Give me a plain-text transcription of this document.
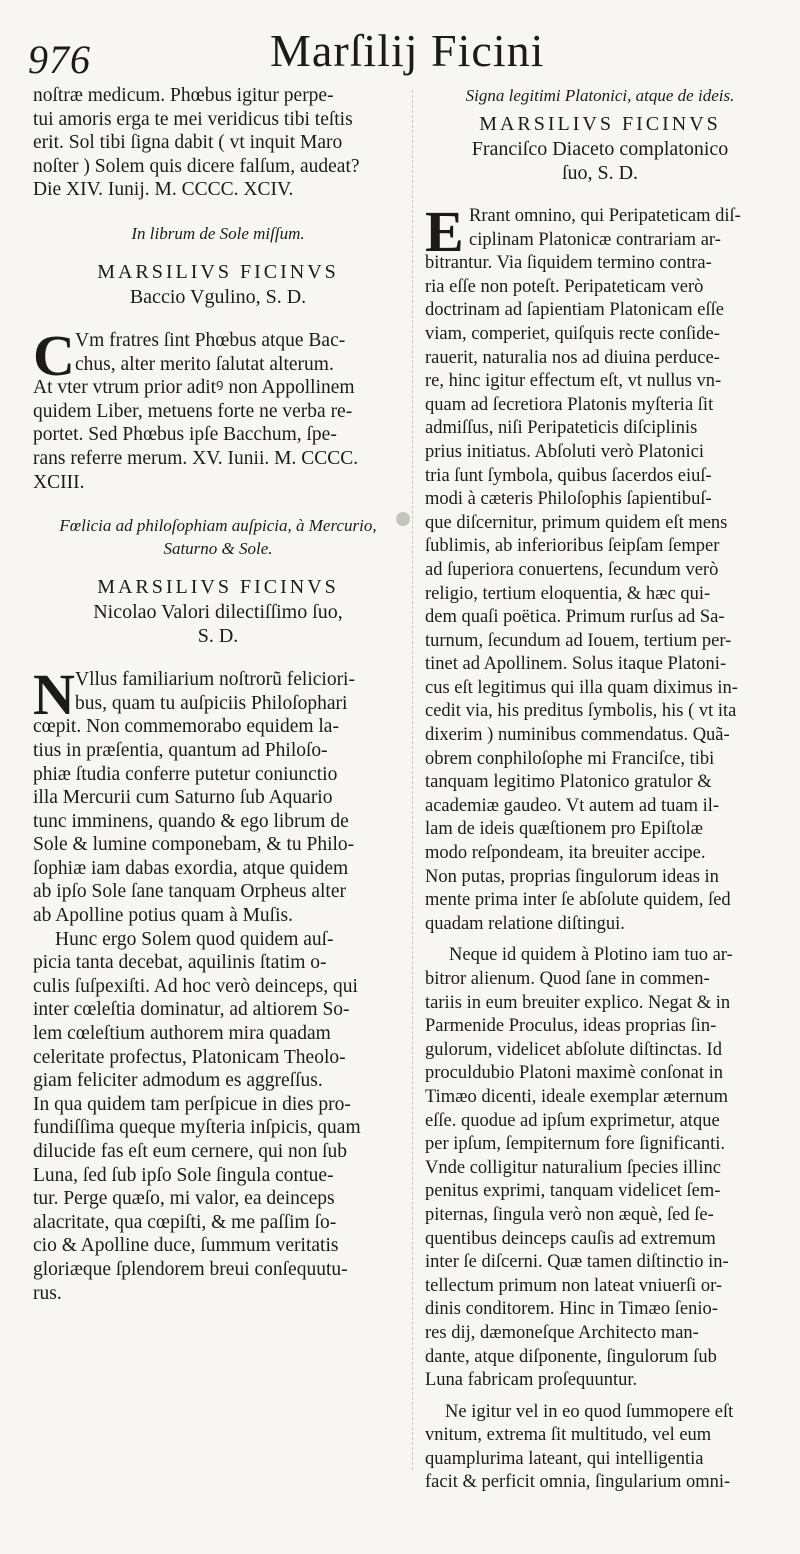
976	Marſilij Ficini
noſtræ medicum. Phœbus igitur perpe-
tui amoris erga te mei veridicus tibi teſtis
erit. Sol tibi ſigna dabit ( vt inquit Maro
noſter ) Solem quis dicere falſum, audeat?
Die XIV. Iunij. M. CCCC. XCIV.
In librum de Sole miſſum.
MARSILIVS FICINVS
Baccio Vgulino, S. D.
C Vm fratres ſint Phœbus atque Bac-
chus, alter merito ſalutat alterum.
At vter vtrum prior aditꝰ non Appollinem
quidem Liber, metuens forte ne verba re-
portet. Sed Phœbus ipſe Bacchum, ſpe-
rans referre merum. XV. Iunii. M. CCCC.
XCIII.
Fœlicia ad philoſophiam auſpicia, à Mercurio,
Saturno & Sole.
MARSILIVS FICINVS
Nicolao Valori dilectiſſimo ſuo,
S. D.
N Vllus familiarium noſtrorũ feliciori-
bus, quam tu auſpiciis Philoſophari
cœpit. Non commemorabo equidem la-
tius in præſentia, quantum ad Philoſo-
phiæ ſtudia conferre putetur coniunctio
illa Mercurii cum Saturno ſub Aquario
tunc imminens, quando & ego librum de
Sole & lumine componebam, & tu Philo-
ſophiæ iam dabas exordia, atque quidem
ab ipſo Sole ſane tanquam Orpheus alter
ab Apolline potius quam à Muſis.
Hunc ergo Solem quod quidem auſ-
picia tanta decebat, aquilinis ſtatim o-
culis ſuſpexiſti. Ad hoc verò deinceps, qui
inter cœleſtia dominatur, ad altiorem So-
lem cœleſtium authorem mira quadam
celeritate profectus, Platonicam Theolo-
giam feliciter admodum es aggreſſus.
In qua quidem tam perſpicue in dies pro-
fundiſſima queque myſteria inſpicis, quam
dilucide fas eſt eum cernere, qui non ſub
Luna, ſed ſub ipſo Sole ſingula contue-
tur. Perge quæſo, mi valor, ea deinceps
alacritate, qua cœpiſti, & me paſſim ſo-
cio & Apolline duce, ſummum veritatis
gloriæque ſplendorem breui conſequutu-
rus.
Signa legitimi Platonici, atque de ideis.
MARSILIVS FICINVS
Franciſco Diaceto complatonico
ſuo, S. D.
E Rrant omnino, qui Peripateticam diſ-
ciplinam Platonicæ contrariam ar-
bitrantur. Via ſiquidem termino contra-
ria eſſe non poteſt. Peripateticam verò
doctrinam ad ſapientiam Platonicam eſſe
viam, comperiet, quiſquis recte conſide-
rauerit, naturalia nos ad diuina perduce-
re, hinc igitur effectum eſt, vt nullus vn-
quam ad ſecretiora Platonis myſteria ſit
admiſſus, niſi Peripateticis diſciplinis
prius initiatus. Abſoluti verò Platonici
tria ſunt ſymbola, quibus ſacerdos eiuſ-
modi à cæteris Philoſophis ſapientibuſ-
que diſcernitur, primum quidem eſt mens
ſublimis, ab inferioribus ſeipſam ſemper
ad ſuperiora conuertens, ſecundum verò
religio, tertium eloquentia, & hæc qui-
dem quaſi poëtica. Primum rurſus ad Sa-
turnum, ſecundum ad Iouem, tertium per-
tinet ad Apollinem. Solus itaque Platoni-
cus eſt legitimus qui illa quam diximus in-
cedit via, his preditus ſymbolis, his ( vt ita
dixerim ) numinibus commendatus. Quã-
obrem conphiloſophe mi Franciſce, tibi
tanquam legitimo Platonico gratulor &
academiæ gaudeo. Vt autem ad tuam il-
lam de ideis quæſtionem pro Epiſtolæ
modo reſpondeam, ita breuiter accipe.
Non putas, proprias ſingulorum ideas in
mente prima inter ſe abſolute quidem, ſed
quadam relatione diſtingui.
Neque id quidem à Plotino iam tuo ar-
bitror alienum. Quod ſane in commen-
tariis in eum breuiter explico. Negat & in
Parmenide Proculus, ideas proprias ſin-
gulorum, videlicet abſolute diſtinctas. Id
proculdubio Platoni maximè conſonat in
Timæo dicenti, ideale exemplar æternum
eſſe. quodue ad ipſum exprimetur, atque
per ipſum, ſempiternum fore ſignificanti.
Vnde colligitur naturalium ſpecies illinc
penitus exprimi, tanquam videlicet ſem-
piternas, ſingula verò non æquè, ſed ſe-
quentibus deinceps cauſis ad extremum
inter ſe diſcerni. Quæ tamen diſtinctio in-
tellectum primum non lateat vniuerſi or-
dinis conditorem. Hinc in Timæo ſenio-
res dij, dæmoneſque Architecto man-
dante, atque diſponente, ſingulorum ſub
Luna fabricam proſequuntur.
Ne igitur vel in eo quod ſummopere eſt
vnitum, extrema ſit multitudo, vel eum
quamplurima lateant, qui intelligentia
facit & perficit omnia, ſingularium omni-
